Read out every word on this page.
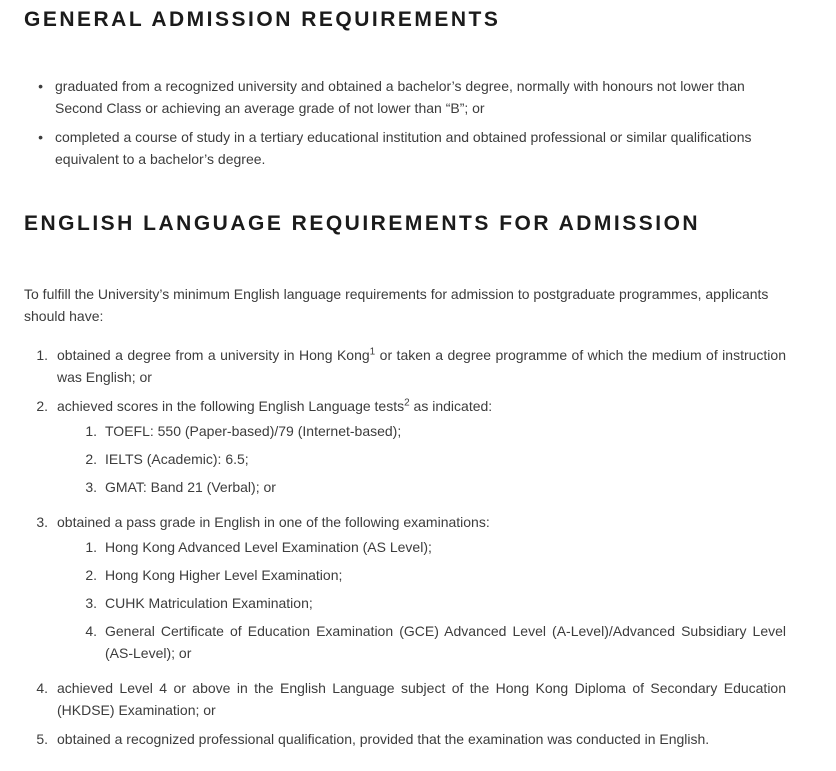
GENERAL ADMISSION REQUIREMENTS
• graduated from a recognized university and obtained a bachelor’s degree, normally with honours not lower than Second Class or achieving an average grade of not lower than “B”; or
• completed a course of study in a tertiary educational institution and obtained professional or similar qualifications equivalent to a bachelor’s degree.
ENGLISH LANGUAGE REQUIREMENTS FOR ADMISSION

To fulfill the University’s minimum English language requirements for admission to postgraduate programmes, applicants should have:

1. obtained a degree from a university in Hong Kong$^1$ or taken a degree programme of which the medium of instruction was English; or
2. achieved scores in the following English Language tests$^2$ as indicated:
1. TOEFL: 550 (Paper-based)/79 (Internet-based);
2. IELTS (Academic): 6.5;
3. GMAT: Band 21 (Verbal); or
3. obtained a pass grade in English in one of the following examinations:
1. Hong Kong Advanced Level Examination (AS Level);
2. Hong Kong Higher Level Examination;
3. CUHK Matriculation Examination;
4. General Certificate of Education Examination (GCE) Advanced Level (A-Level)/Advanced Subsidiary Level (AS-Level); or
4. achieved Level 4 or above in the English Language subject of the Hong Kong Diploma of Secondary Education (HKDSE) Examination; or
5. obtained a recognized professional qualification, provided that the examination was conducted in English.
